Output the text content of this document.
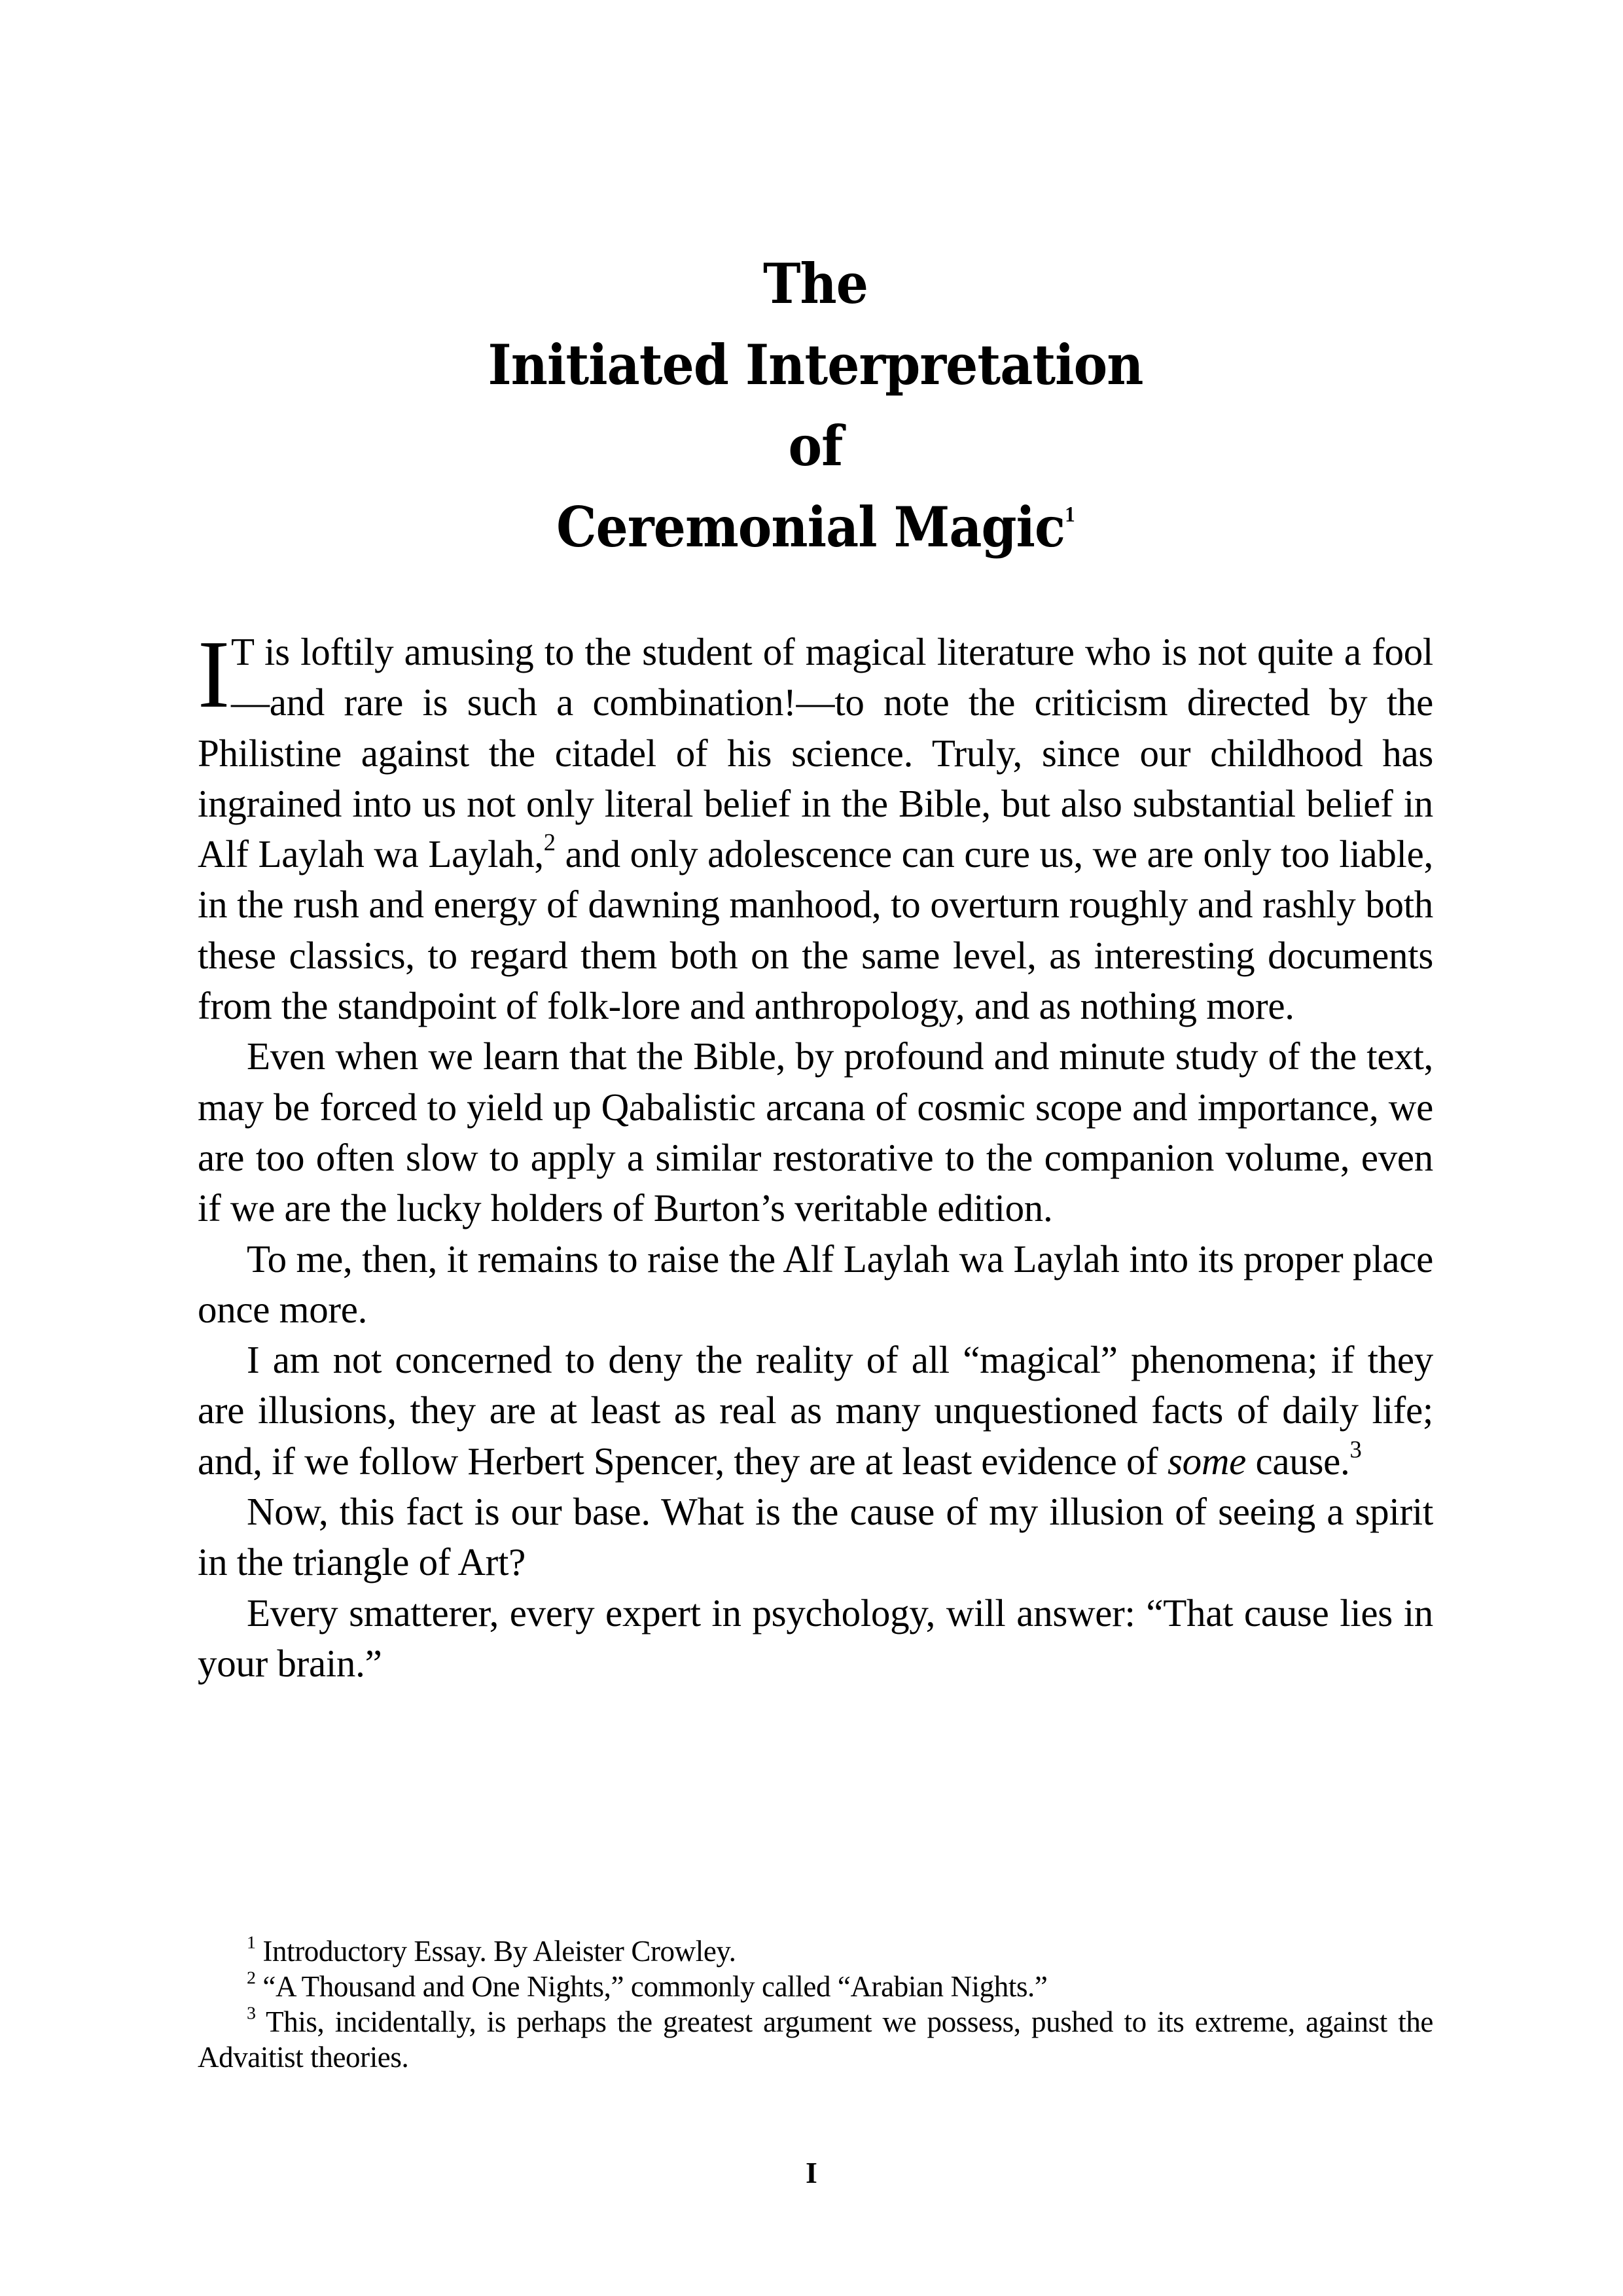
The
Initiated Interpretation
of
Ceremonial Magic$^1$

I T is loftily amusing to the student of magical literature who is not quite a fool—and rare is such a combination!—to note the criticism directed by the Philistine against the citadel of his science. Truly, since our childhood has ingrained into us not only literal belief in the Bible, but also substantial belief in Alf Laylah wa Laylah,$^2$ and only adolescence can cure us, we are only too liable, in the rush and energy of dawning manhood, to overturn roughly and rashly both these classics, to regard them both on the same level, as interesting documents from the standpoint of folk-lore and anthropology, and as nothing more.

Even when we learn that the Bible, by profound and minute study of the text, may be forced to yield up Qabalistic arcana of cosmic scope and importance, we are too often slow to apply a similar restorative to the companion volume, even if we are the lucky holders of Burton’s veritable edition.

To me, then, it remains to raise the Alf Laylah wa Laylah into its proper place once more.

I am not concerned to deny the reality of all “magical” phenomena; if they are illusions, they are at least as real as many unquestioned facts of daily life; and, if we follow Herbert Spencer, they are at least evidence of some cause.$^3$

Now, this fact is our base. What is the cause of my illusion of seeing a spirit in the triangle of Art?

Every smatterer, every expert in psychology, will answer: “That cause lies in your brain.”

$^1$ Introductory Essay. By Aleister Crowley.

$^2$ “A Thousand and One Nights,” commonly called “Arabian Nights.”

$^3$ This, incidentally, is perhaps the greatest argument we possess, pushed to its extreme, against the Advaitist theories.

I
